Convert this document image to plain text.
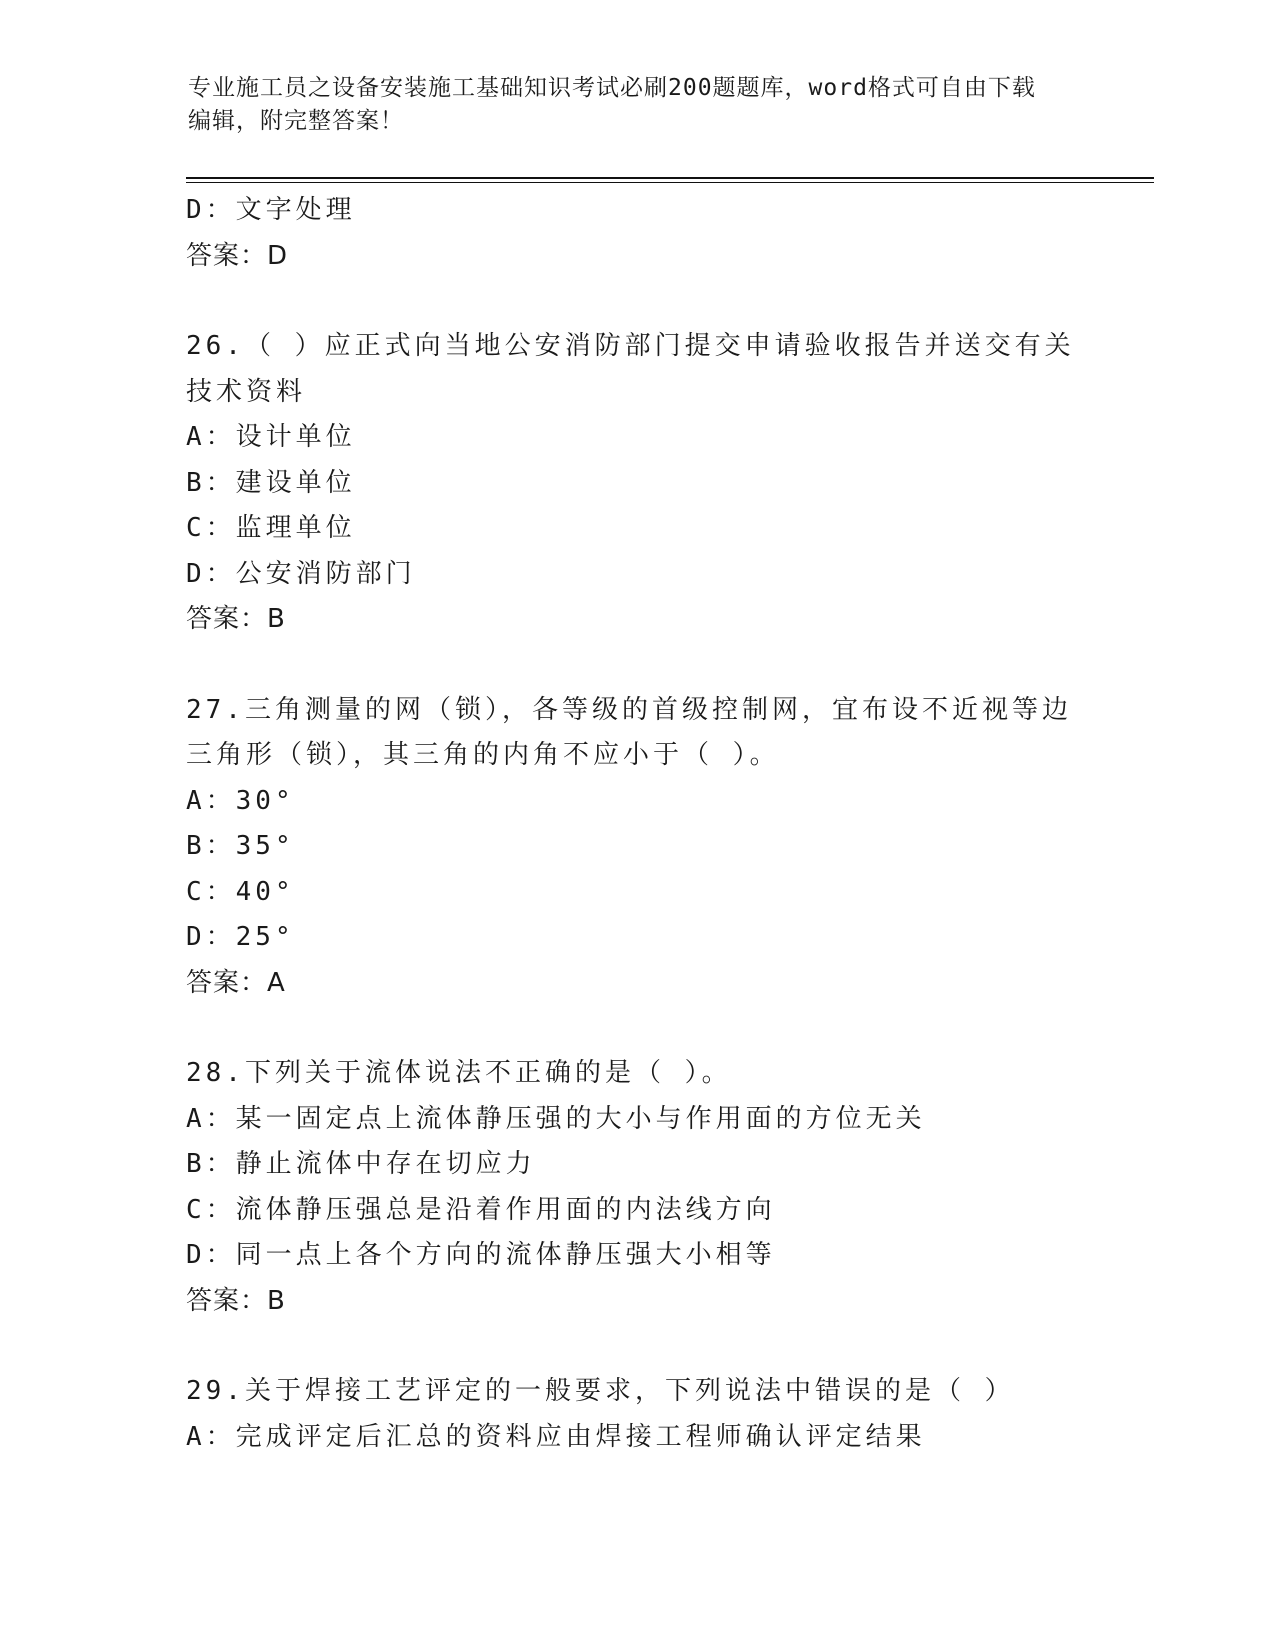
专业施工员之设备安装施工基础知识考试必刷200题题库，word格式可自由下载
编辑，附完整答案！
D：文字处理
答案：D
26.（ ）应正式向当地公安消防部门提交申请验收报告并送交有关技术资料
A：设计单位
B：建设单位
C：监理单位
D：公安消防部门
答案：B
27.三角测量的网（锁），各等级的首级控制网，宜布设不近视等边三角形（锁），其三角的内角不应小于（ ）。
A：30°
B：35°
C：40°
D：25°
答案：A
28.下列关于流体说法不正确的是（ ）。
A：某一固定点上流体静压强的大小与作用面的方位无关
B：静止流体中存在切应力
C：流体静压强总是沿着作用面的内法线方向
D：同一点上各个方向的流体静压强大小相等
答案：B
29.关于焊接工艺评定的一般要求，下列说法中错误的是（ ）
A：完成评定后汇总的资料应由焊接工程师确认评定结果
